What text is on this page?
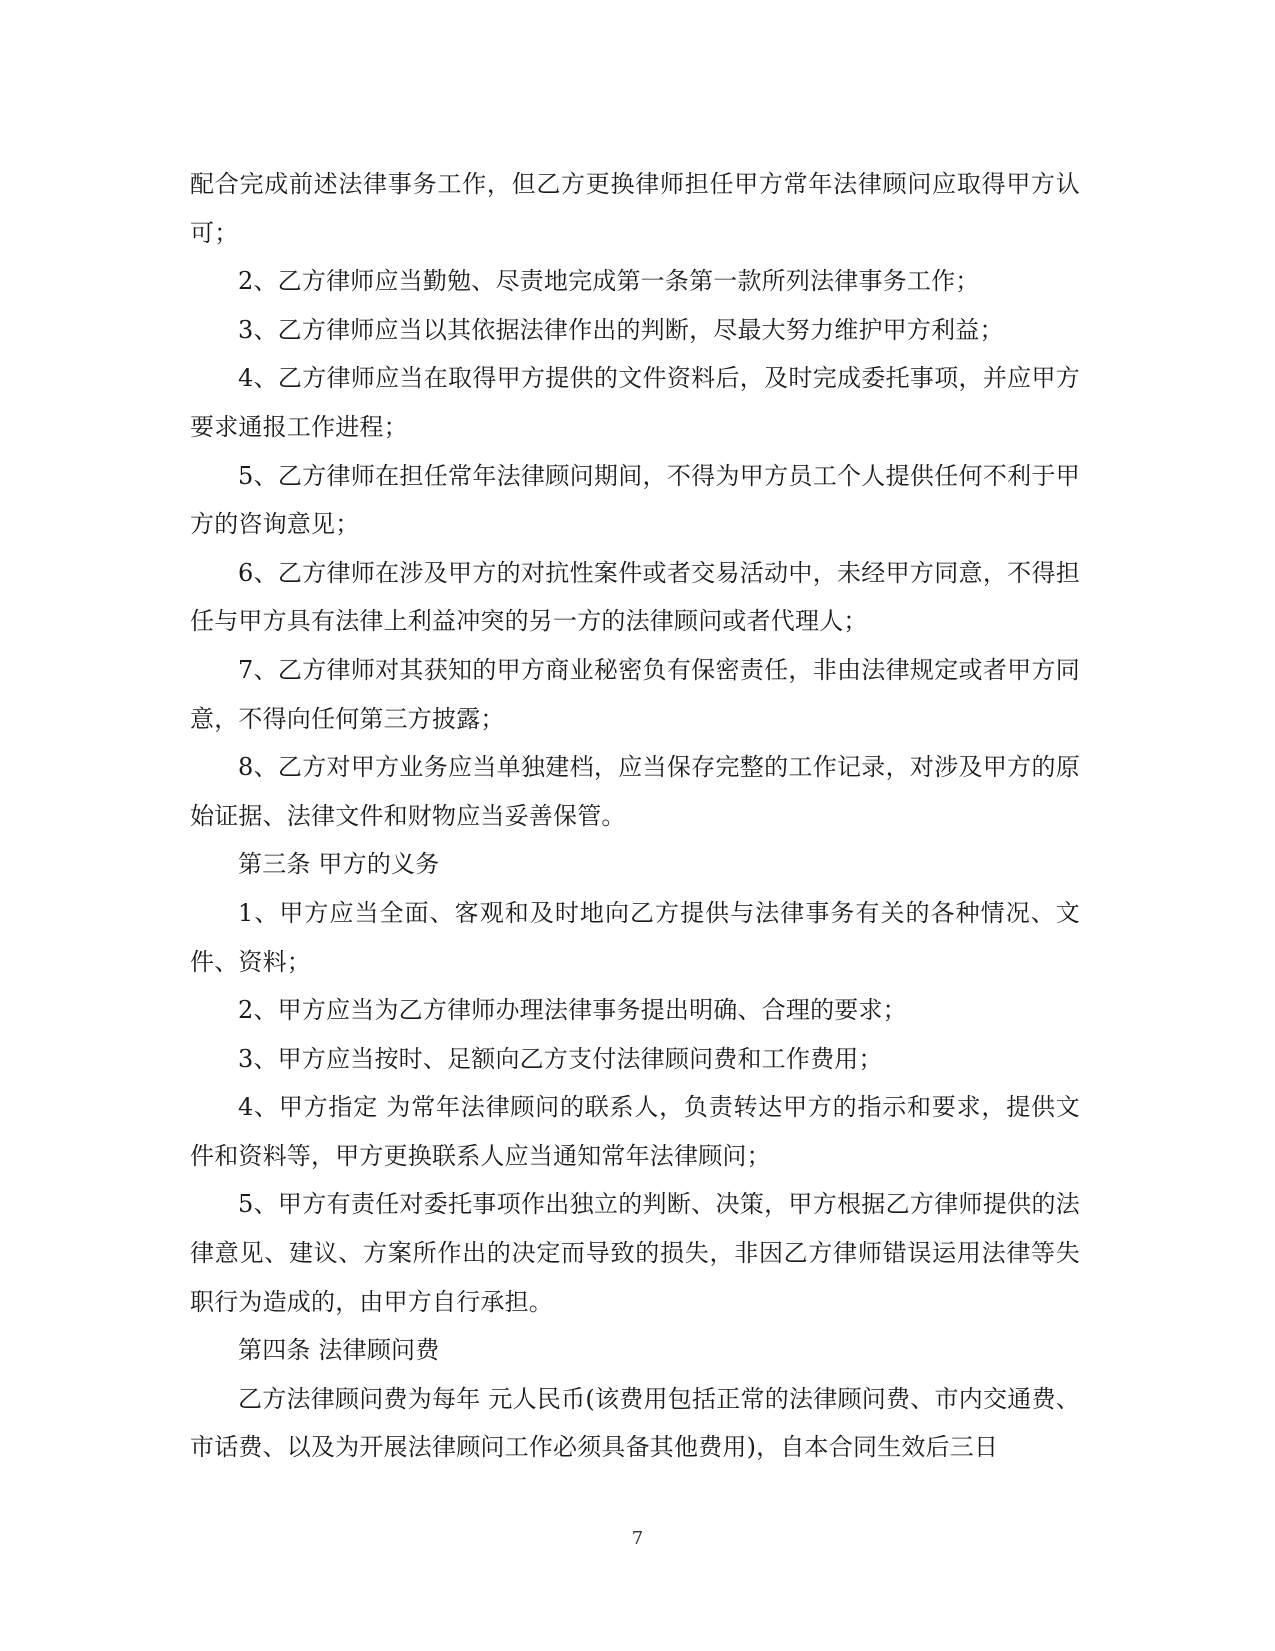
配合完成前述法律事务工作，但乙方更换律师担任甲方常年法律顾问应取得甲方认可；

2、乙方律师应当勤勉、尽责地完成第一条第一款所列法律事务工作；

3、乙方律师应当以其依据法律作出的判断，尽最大努力维护甲方利益；

4、乙方律师应当在取得甲方提供的文件资料后，及时完成委托事项，并应甲方要求通报工作进程；

5、乙方律师在担任常年法律顾问期间，不得为甲方员工个人提供任何不利于甲方的咨询意见；

6、乙方律师在涉及甲方的对抗性案件或者交易活动中，未经甲方同意，不得担任与甲方具有法律上利益冲突的另一方的法律顾问或者代理人；

7、乙方律师对其获知的甲方商业秘密负有保密责任，非由法律规定或者甲方同意，不得向任何第三方披露；

8、乙方对甲方业务应当单独建档，应当保存完整的工作记录，对涉及甲方的原始证据、法律文件和财物应当妥善保管。

第三条 甲方的义务

1、甲方应当全面、客观和及时地向乙方提供与法律事务有关的各种情况、文件、资料；

2、甲方应当为乙方律师办理法律事务提出明确、合理的要求；

3、甲方应当按时、足额向乙方支付法律顾问费和工作费用；

4、甲方指定 为常年法律顾问的联系人，负责转达甲方的指示和要求，提供文件和资料等，甲方更换联系人应当通知常年法律顾问；

5、甲方有责任对委托事项作出独立的判断、决策，甲方根据乙方律师提供的法律意见、建议、方案所作出的决定而导致的损失，非因乙方律师错误运用法律等失职行为造成的，由甲方自行承担。

第四条 法律顾问费

乙方法律顾问费为每年 元人民币(该费用包括正常的法律顾问费、市内交通费、市话费、以及为开展法律顾问工作必须具备其他费用)，自本合同生效后三日

7
